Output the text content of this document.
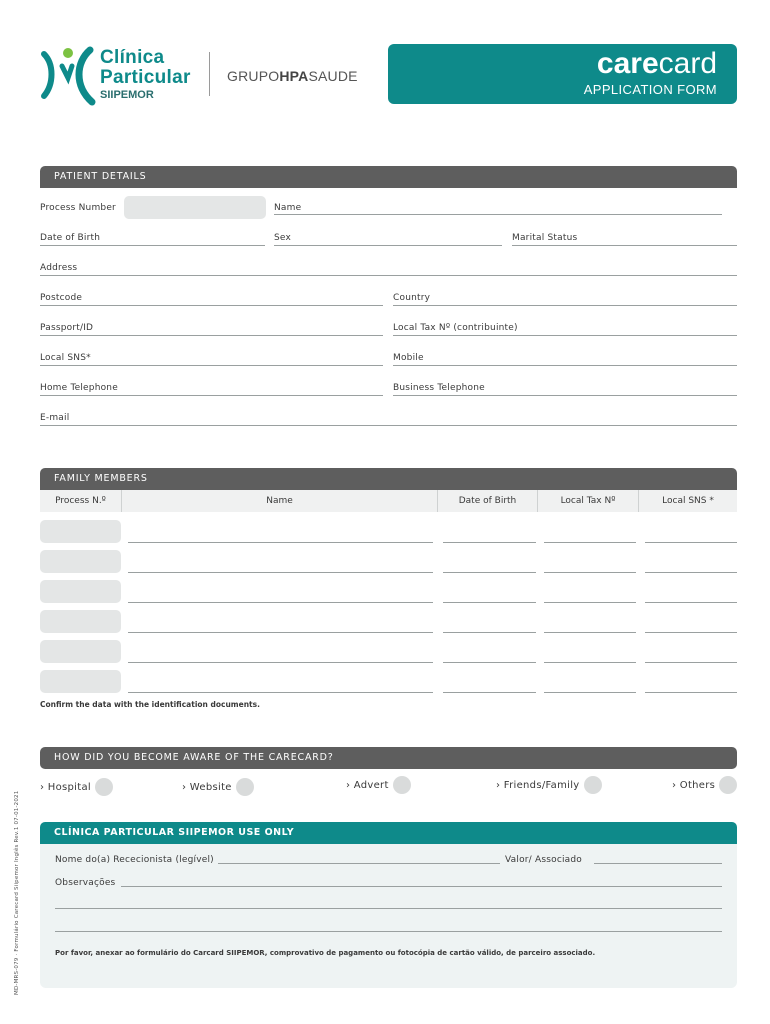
Clínica
Particular
SIIPEMOR
GRUPOHPASAUDE	carecard
APPLICATION FORM
PATIENT DETAILS
Process Number	Name
Date of Birth	Sex	Marital Status
Address
Postcode	Country
Passport/ID	Local Tax Nº (contribuinte)
Local SNS*	Mobile
Home Telephone	Business Telephone
E-mail
FAMILY MEMBERS
Process N.º	Name	Date of Birth	Local Tax Nº	Local SNS *
Confirm the data with the identification documents.
HOW DID YOU BECOME AWARE OF THE CARECARD?
› Hospital	› Website	› Advert	› Friends/Family	› Others
CLÍNICA PARTICULAR SIIPEMOR USE ONLY
Nome do(a) Rececionista (legível)	Valor/ Associado
Observações
Por favor, anexar ao formulário do Carcard SIIPEMOR, comprovativo de pagamento ou fotocópia de cartão válido, de parceiro associado.
MD-MRS-079 · Formulário Carecard Siipemor Inglês Rev.1 07-01-2021
